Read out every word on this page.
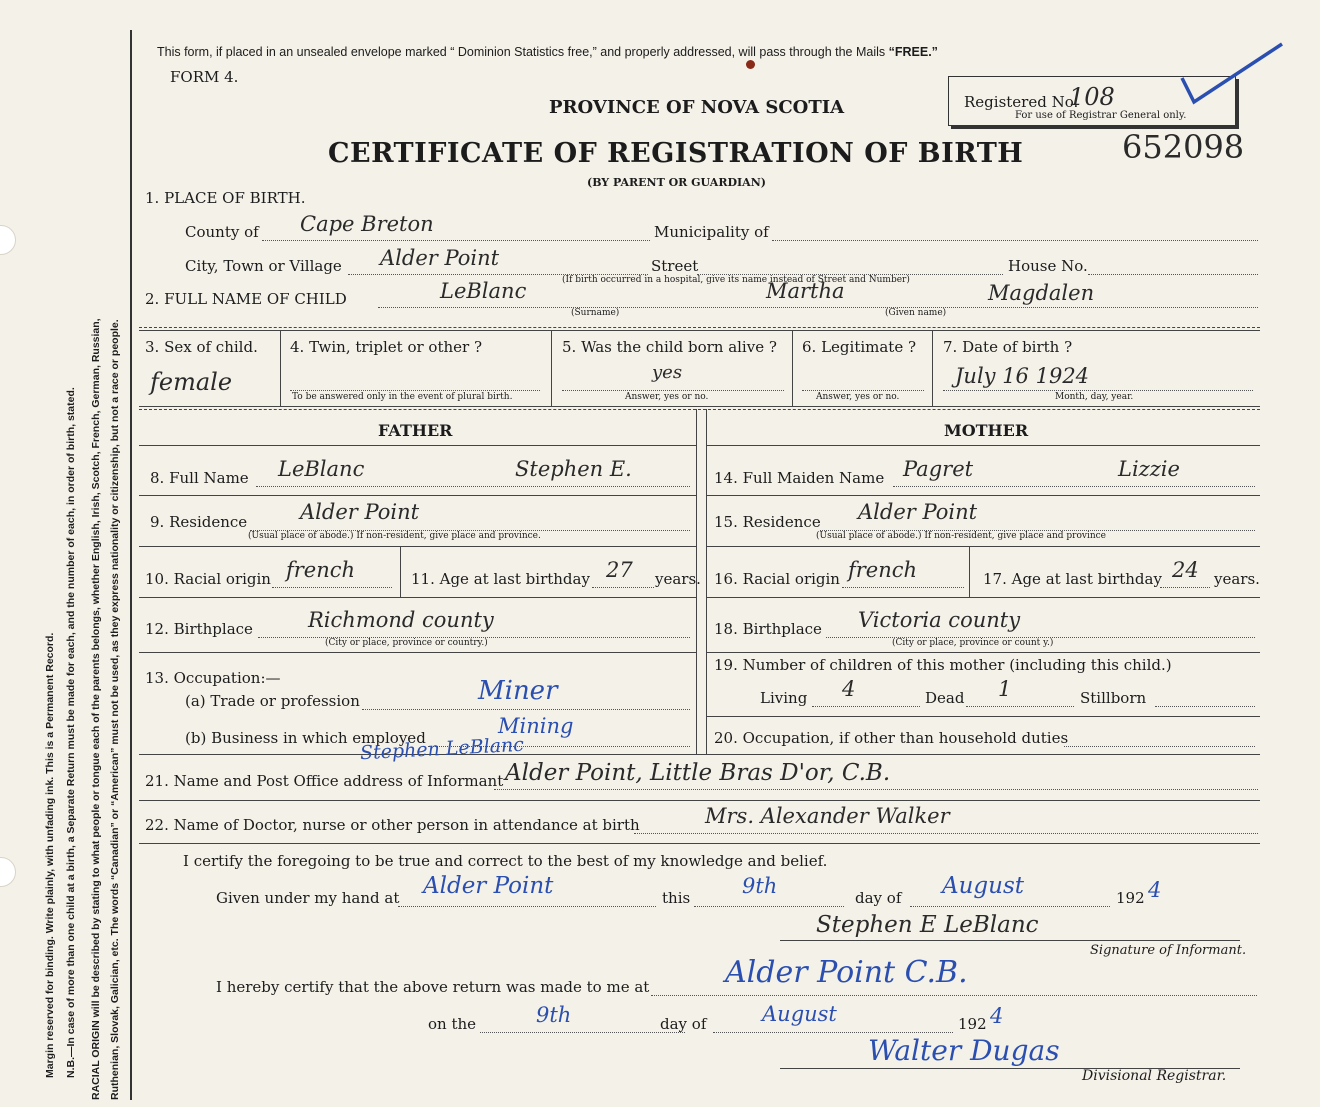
Margin reserved for binding. Write plainly, with unfading ink. This is a Permanent Record. N.B.—In case of more than one child at a birth, a Separate Return must be made for each, and the number of each, in order of birth, stated. RACIAL ORIGIN will be described by stating to what people or tongue each of the parents belongs, whether English, Irish, Scotch, French, German, Russian, Ruthenian, Slovak, Galician, etc. The words “Canadian” or “American” must not be used, as they express nationality or citizenship, but not a race or people.
This form, if placed in an unsealed envelope marked “ Dominion Statistics free,” and properly addressed, will pass through the Mails “FREE.”
FORM 4.
PROVINCE OF NOVA SCOTIA
CERTIFICATE OF REGISTRATION OF BIRTH
(BY PARENT OR GUARDIAN)
Registered No.
108
For use of Registrar General only.
652098
1. PLACE OF BIRTH.
County of Cape Breton	Municipality of
City, Town or Village Alder Point	Street	House No.
(If birth occurred in a hospital, give its name instead of Street and Number)
2. FULL NAME OF CHILD	LeBlanc	Martha	Magdalen
(Surname)	(Given name)
3. Sex of child.
female
4. Twin, triplet or other ?
To be answered only in the event of plural birth.
5. Was the child born alive ?
yes
Answer, yes or no.
6. Legitimate ?
Answer, yes or no.
7. Date of birth ?
July 16 1924
Month, day, year.
FATHER	MOTHER
8. Full Name LeBlanc	Stephen E.	14. Full Maiden Name Pagret	Lizzie
9. Residence	Alder Point
(Usual place of abode.) If non-resident, give place and province.
15. Residence Alder Point
(Usual place of abode.) If non-resident, give place and province
10. Racial origin french	11. Age at last birthday 27 years. 16. Racial origin french	17. Age at last birthday 24 years.
12. Birthplace	Richmond county
(City or place, province or country.)
18. Birthplace Victoria county
(City or place, province or count y.)
13. Occupation:—
(a) Trade or profession	Miner
(b) Business in which employed	Mining
19. Number of children of this mother (including this child.)
Living 4	Dead 1	Stillborn
20. Occupation, if other than household duties
Stephen LeBlanc
21. Name and Post Office address of Informant Alder Point, Little Bras D'or, C.B.
22. Name of Doctor, nurse or other person in attendance at birth	Mrs. Alexander Walker
I certify the foregoing to be true and correct to the best of my knowledge and belief.
Given under my hand at Alder Point	this 9th	day of August	192 4
Stephen E LeBlanc
Signature of Informant.
I hereby certify that the above return was made to me at	Alder Point C.B.
on the	9th	day of	August	192 4
Walter Dugas
Divisional Registrar.
